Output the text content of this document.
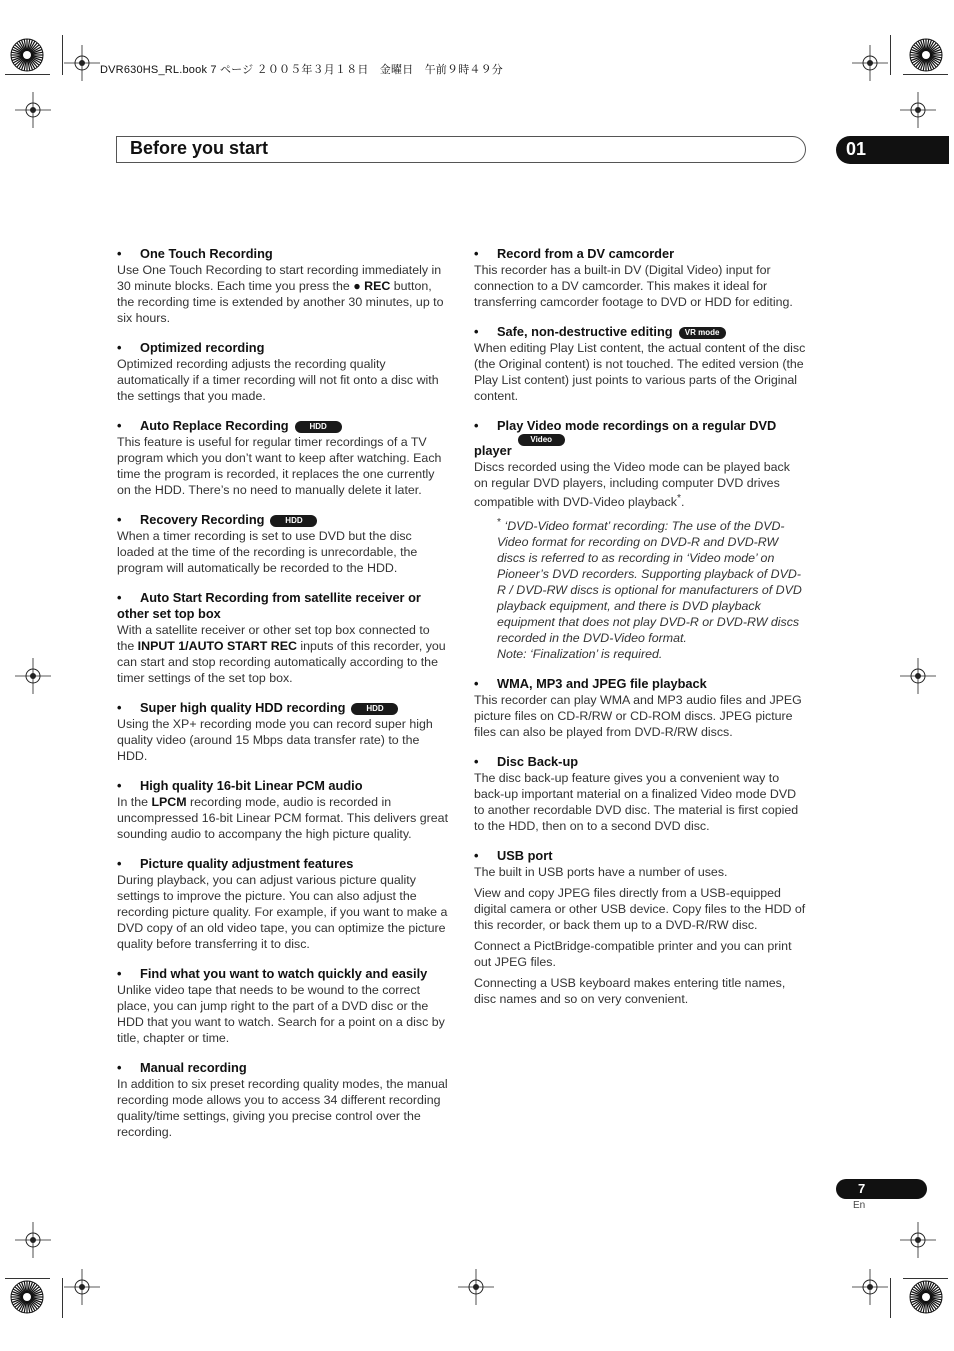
DVR630HS_RL.book 7 ページ ２００５年３月１８日　金曜日　午前９時４９分
Before you start	01
• One Touch Recording

Use One Touch Recording to start recording immediately in 30 minute blocks. Each time you press the ● REC button, the recording time is extended by another 30 minutes, up to six hours.

• Optimized recording

Optimized recording adjusts the recording quality automatically if a timer recording will not fit onto a disc with the settings that you made.

• Auto Replace Recording	HDD

This feature is useful for regular timer recordings of a TV program which you don’t want to keep after watching. Each time the program is recorded, it replaces the one currently on the HDD. There’s no need to manually delete it later.

• Recovery Recording	HDD

When a timer recording is set to use DVD but the disc loaded at the time of the recording is unrecordable, the program will automatically be recorded to the HDD.

• Auto Start Recording from satellite receiver or other set top box

With a satellite receiver or other set top box connected to the INPUT 1/AUTO START REC inputs of this recorder, you can start and stop recording automatically according to the timer settings of the set top box.

• Super high quality HDD recording	HDD

Using the XP+ recording mode you can record super high quality video (around 15 Mbps data transfer rate) to the HDD.

• High quality 16-bit Linear PCM audio

In the LPCM recording mode, audio is recorded in uncompressed 16-bit Linear PCM format. This delivers great sounding audio to accompany the high picture quality.

• Picture quality adjustment features

During playback, you can adjust various picture quality settings to improve the picture. You can also adjust the recording picture quality. For example, if you want to make a DVD copy of an old video tape, you can optimize the picture quality before transferring it to disc.

• Find what you want to watch quickly and easily

Unlike video tape that needs to be wound to the correct place, you can jump right to the part of a DVD disc or the HDD that you want to watch. Search for a point on a disc by title, chapter or time.

• Manual recording

In addition to six preset recording quality modes, the manual recording mode allows you to access 34 different recording quality/time settings, giving you precise control over the recording.

• Record from a DV camcorder

This recorder has a built-in DV (Digital Video) input for connection to a DV camcorder. This makes it ideal for transferring camcorder footage to DVD or HDD for editing.

• Safe, non-destructive editing VR mode

When editing Play List content, the actual content of the disc (the Original content) is not touched. The edited version (the Play List content) just points to various parts of the Original content.

• Play Video mode recordings on a regular DVD playerVideo mode

Discs recorded using the Video mode can be played back on regular DVD players, including computer DVD drives compatible with DVD-Video playback*.

* ‘DVD-Video format’ recording: The use of the DVD-Video format for recording on DVD-R and DVD-RW discs is referred to as recording in ‘Video mode’ on Pioneer’s DVD recorders. Supporting playback of DVD-R / DVD-RW discs is optional for manufacturers of DVD playback equipment, and there is DVD playback equipment that does not play DVD-R or DVD-RW discs recorded in the DVD-Video format.
Note: ‘Finalization’ is required.
• WMA, MP3 and JPEG file playback

This recorder can play WMA and MP3 audio files and JPEG picture files on CD-R/RW or CD-ROM discs. JPEG picture files can also be played from DVD-R/RW discs.

• Disc Back-up

The disc back-up feature gives you a convenient way to back-up important material on a finalized Video mode DVD to another recordable DVD disc. The material is first copied to the HDD, then on to a second DVD disc.

• USB port

The built in USB ports have a number of uses.

View and copy JPEG files directly from a USB-equipped digital camera or other USB device. Copy files to the HDD of this recorder, or back them up to a DVD-R/RW disc.

Connect a PictBridge-compatible printer and you can print out JPEG files.

Connecting a USB keyboard makes entering title names, disc names and so on very convenient.

7
En
